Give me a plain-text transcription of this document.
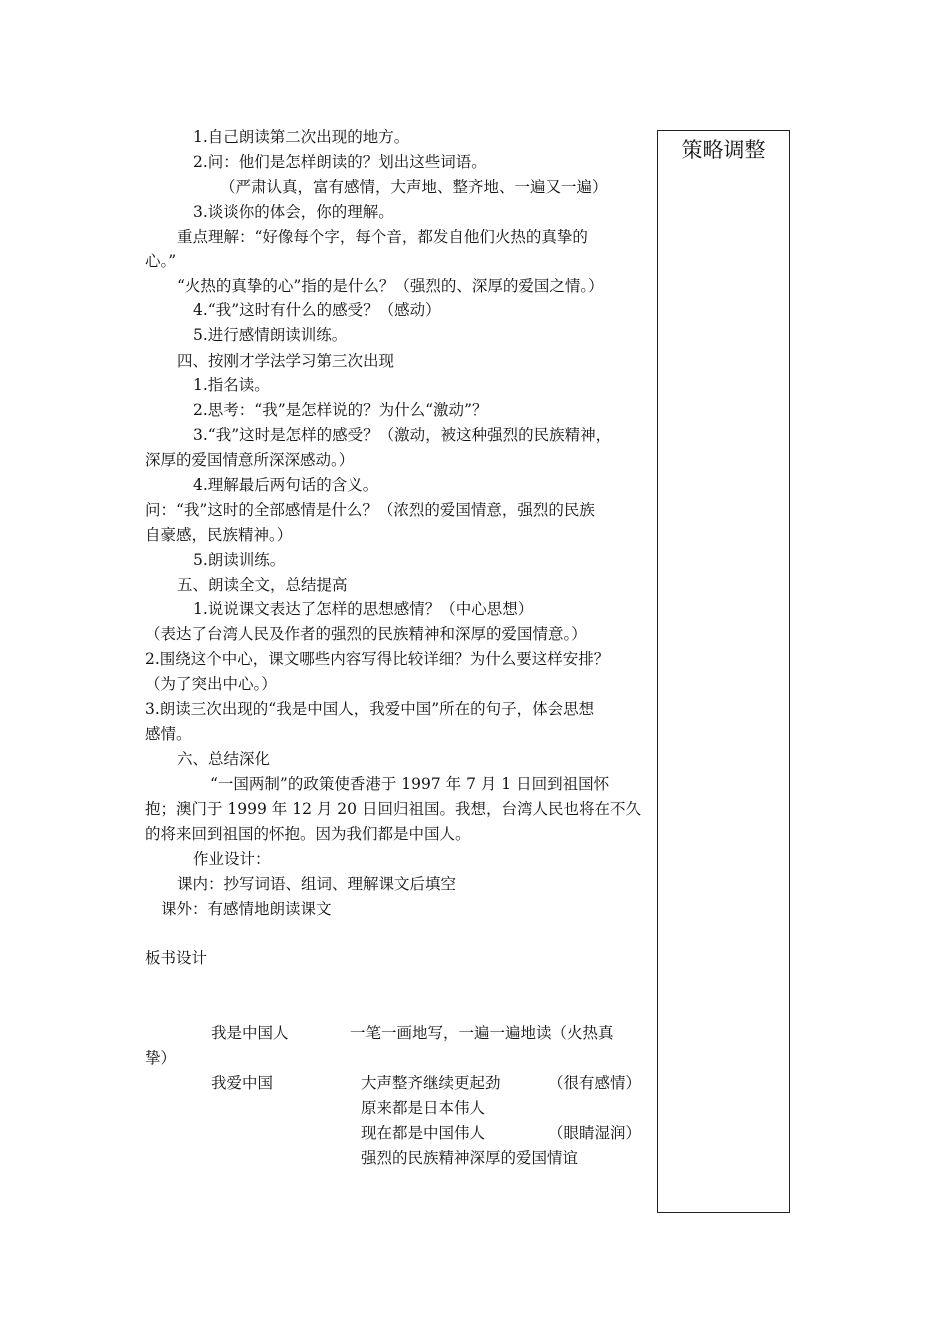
策略调整
1.自己朗读第二次出现的地方。
2.问：他们是怎样朗读的？划出这些词语。
（严肃认真，富有感情，大声地、整齐地、一遍又一遍）
3.谈谈你的体会，你的理解。
重点理解：“好像每个字，每个音，都发自他们火热的真挚的
心。”
“火热的真挚的心”指的是什么？（强烈的、深厚的爱国之情。）
4.“我”这时有什么的感受？（感动）
5.进行感情朗读训练。
四、按刚才学法学习第三次出现
1.指名读。
2.思考：“我”是怎样说的？为什么“激动”？
3.“我”这时是怎样的感受？（激动，被这种强烈的民族精神，
深厚的爱国情意所深深感动。）
4.理解最后两句话的含义。
问：“我”这时的全部感情是什么？（浓烈的爱国情意，强烈的民族
自豪感，民族精神。）
5.朗读训练。
五、朗读全文，总结提高
1.说说课文表达了怎样的思想感情？（中心思想）
（表达了台湾人民及作者的强烈的民族精神和深厚的爱国情意。）
2.围绕这个中心，课文哪些内容写得比较详细？为什么要这样安排？
（为了突出中心。）
3.朗读三次出现的“我是中国人，我爱中国”所在的句子，体会思想
感情。
六、总结深化
“一国两制”的政策使香港于 1997 年 7 月 1 日回到祖国怀
抱；澳门于 1999 年 12 月 20 日回归祖国。我想，台湾人民也将在不久
的将来回到祖国的怀抱。因为我们都是中国人。
作业设计：
课内：抄写词语、组词、理解课文后填空
课外：有感情地朗读课文
板书设计
我是中国人	一笔一画地写，一遍一遍地读（火热真
挚）
我爱中国	大声整齐继续更起劲	（很有感情）
原来都是日本伟人
现在都是中国伟人	（眼睛湿润）
强烈的民族精神深厚的爱国情谊
